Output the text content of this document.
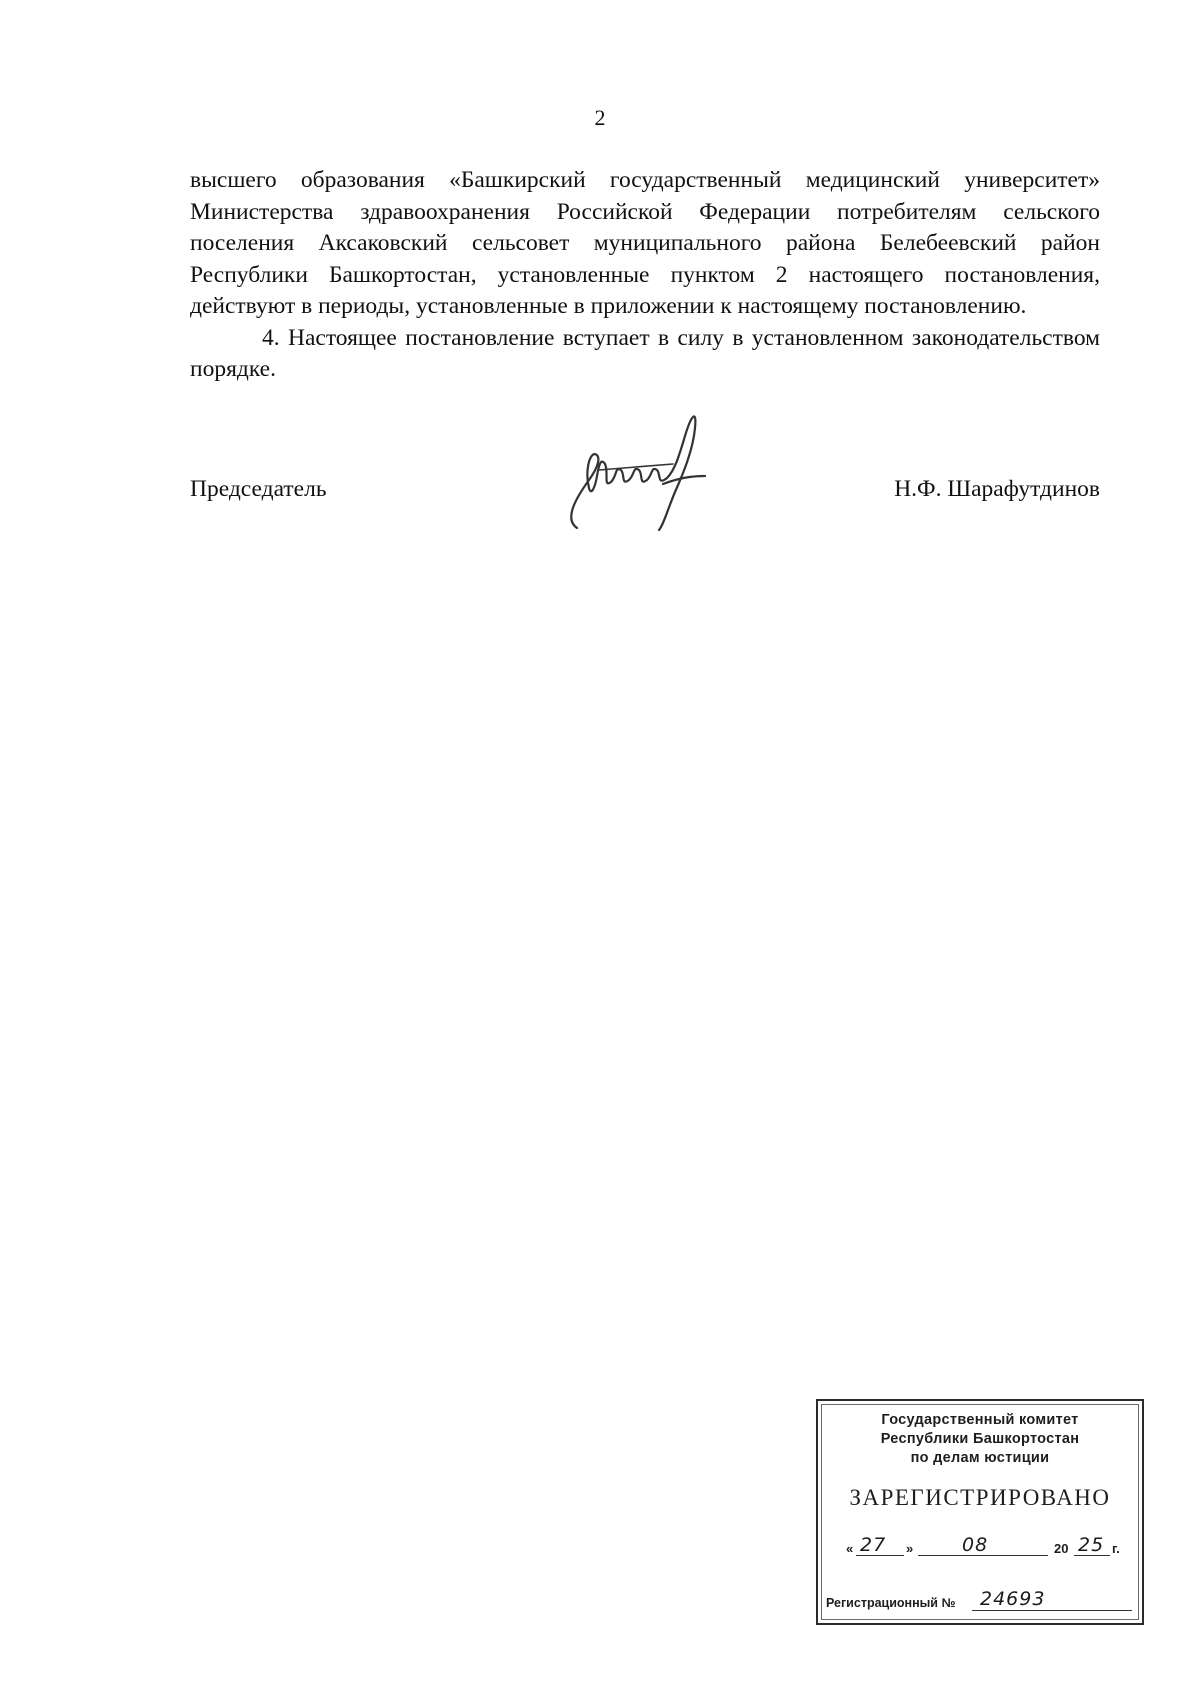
2

высшего образования «Башкирский государственный медицинский университет» Министерства здравоохранения Российской Федерации потребителям сельского поселения Аксаковский сельсовет муниципального района Белебеевский район Республики Башкортостан, установленные пунктом 2 настоящего постановления, действуют в периоды, установленные в приложении к настоящему постановлению.

4. Настоящее постановление вступает в силу в установленном законодательством порядке.

Председатель	Н.Ф. Шарафутдинов
Государственный комитет
Республики Башкортостан
по делам юстиции
ЗАРЕГИСТРИРОВАНО
« 27 »	08	20 25 г.
Регистрационный № 24693
